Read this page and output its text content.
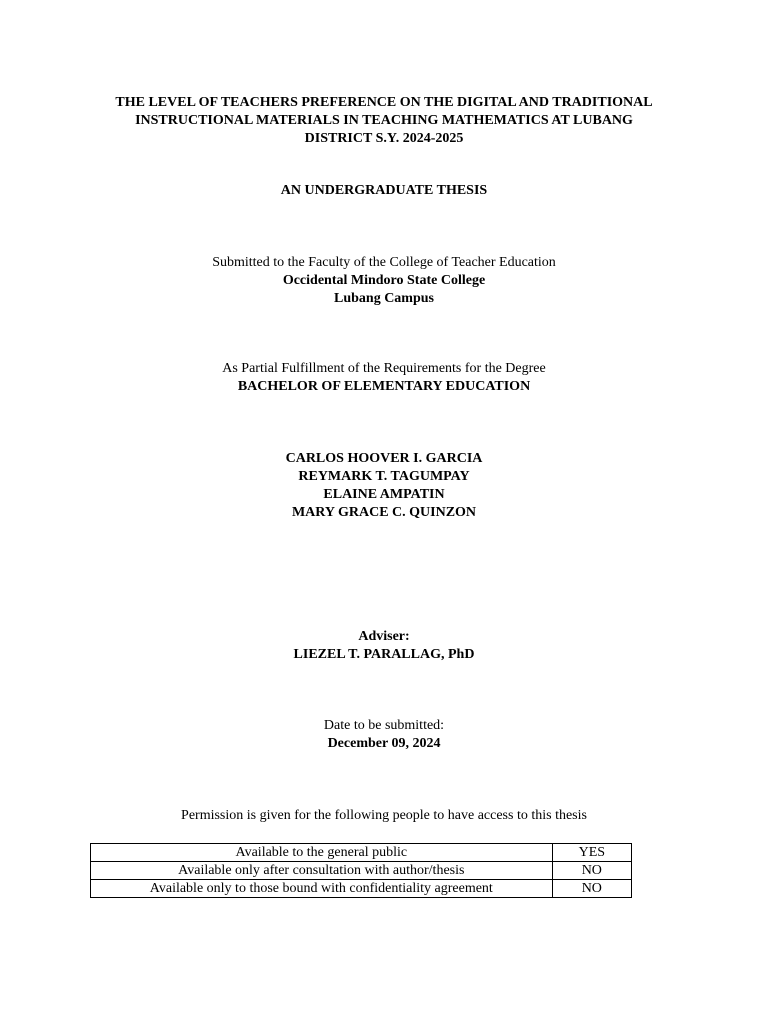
THE LEVEL OF TEACHERS PREFERENCE ON THE DIGITAL AND TRADITIONAL
INSTRUCTIONAL MATERIALS IN TEACHING MATHEMATICS AT LUBANG
DISTRICT S.Y. 2024-2025
AN UNDERGRADUATE THESIS
Submitted to the Faculty of the College of Teacher Education
Occidental Mindoro State College
Lubang Campus
As Partial Fulfillment of the Requirements for the Degree
BACHELOR OF ELEMENTARY EDUCATION
CARLOS HOOVER I. GARCIA
REYMARK T. TAGUMPAY
ELAINE AMPATIN
MARY GRACE C. QUINZON
Adviser:
LIEZEL T. PARALLAG, PhD
Date to be submitted:
December 09, 2024
Permission is given for the following people to have access to this thesis
Available to the general public	YES
Available only after consultation with author/thesis	NO
Available only to those bound with confidentiality agreement	NO
